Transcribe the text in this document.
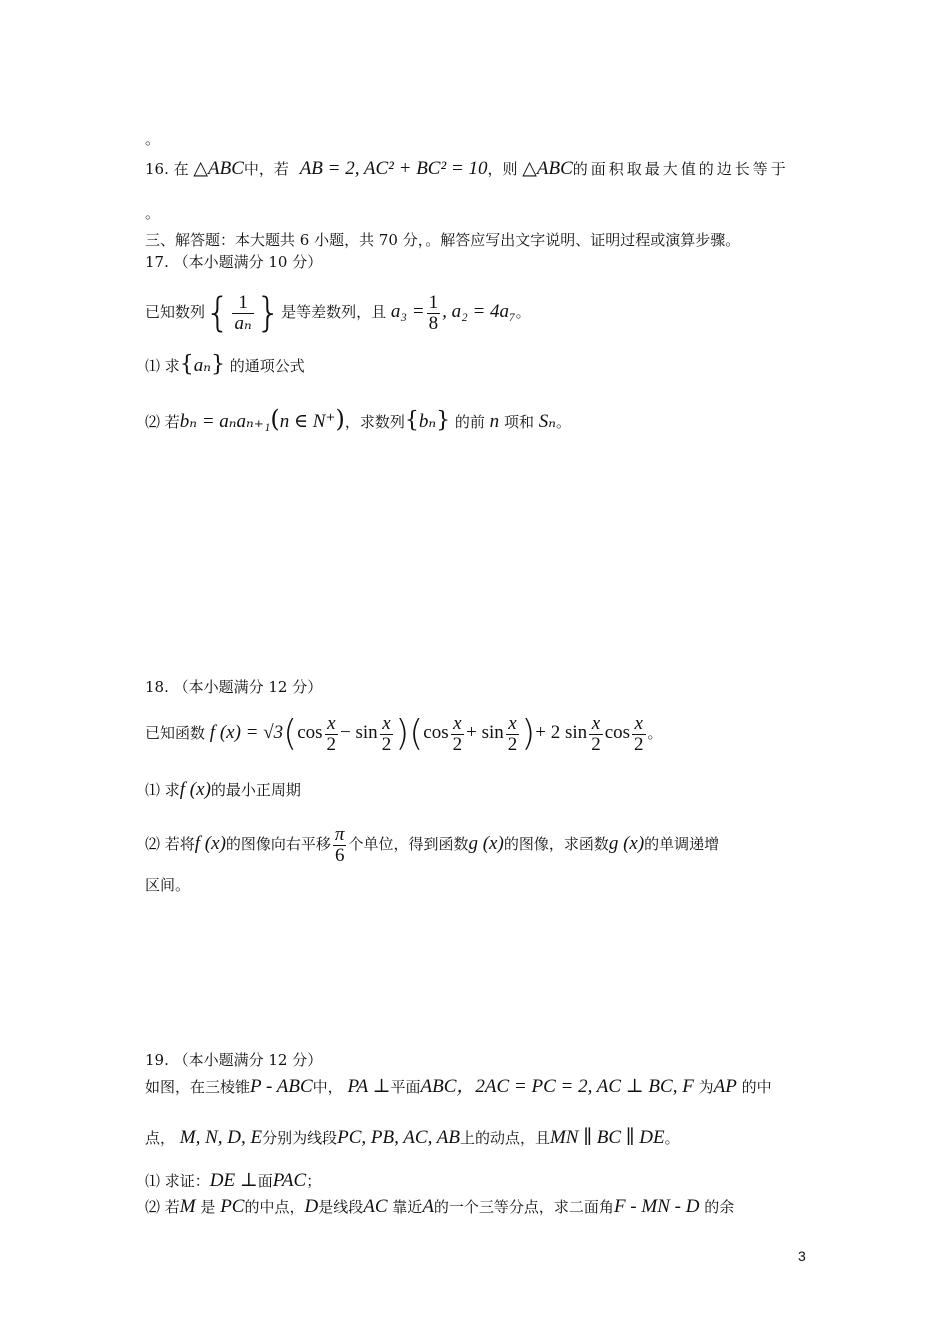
。
16. 在 △ABC中，若 AB = 2, AC² + BC² = 10，则 △ABC的面积取最大值的边长等于
。
三、解答题：本大题共 6 小题，共 70 分，。解答应写出文字说明、证明过程或演算步骤。
17. （本小题满分 10 分）
已知数列{ $\frac{1}{\text{aₙ}}$ }是等差数列，且 $a_3 = \frac{1}{8}$ , a₂ = 4a₇。
⑴ 求{aₙ} 的通项公式
⑵ 若bₙ = aₙaₙ₊₁(n ∈ N⁺)，求数列{bₙ} 的前 n 项和 Sₙ。
18. （本小题满分 12 分）
已知函数 f $(x) = √3(\cos \frac{x}{2} - \sin \frac{x}{2} )(\cos \frac{x}{2} + \sin \frac{x}{2}$ )+ 2 $\sin \frac{x}{2}$ $\cos \frac{x}{2}$ 。
⑴ 求f (x)的最小正周期
⑵ 若将f (x)的图像向右平移 $\frac{\pi}{6}$ 个单位，得到函数g (x)的图像，求函数g (x)的单调递增
区间。
19. （本小题满分 12 分）
如图，在三棱锥P - ABC中， PA ⊥平面ABC，2AC = PC = 2, AC ⊥ BC, F 为AP 的中
点， M, N, D, E分别为线段PC, PB, AC, AB上的动点，且MN ∥ BC ∥ DE。
⑴ 求证：DE ⊥面PAC；
⑵ 若M 是 PC的中点，D是线段AC 靠近A的一个三等分点，求二面角F - MN - D 的余
3
